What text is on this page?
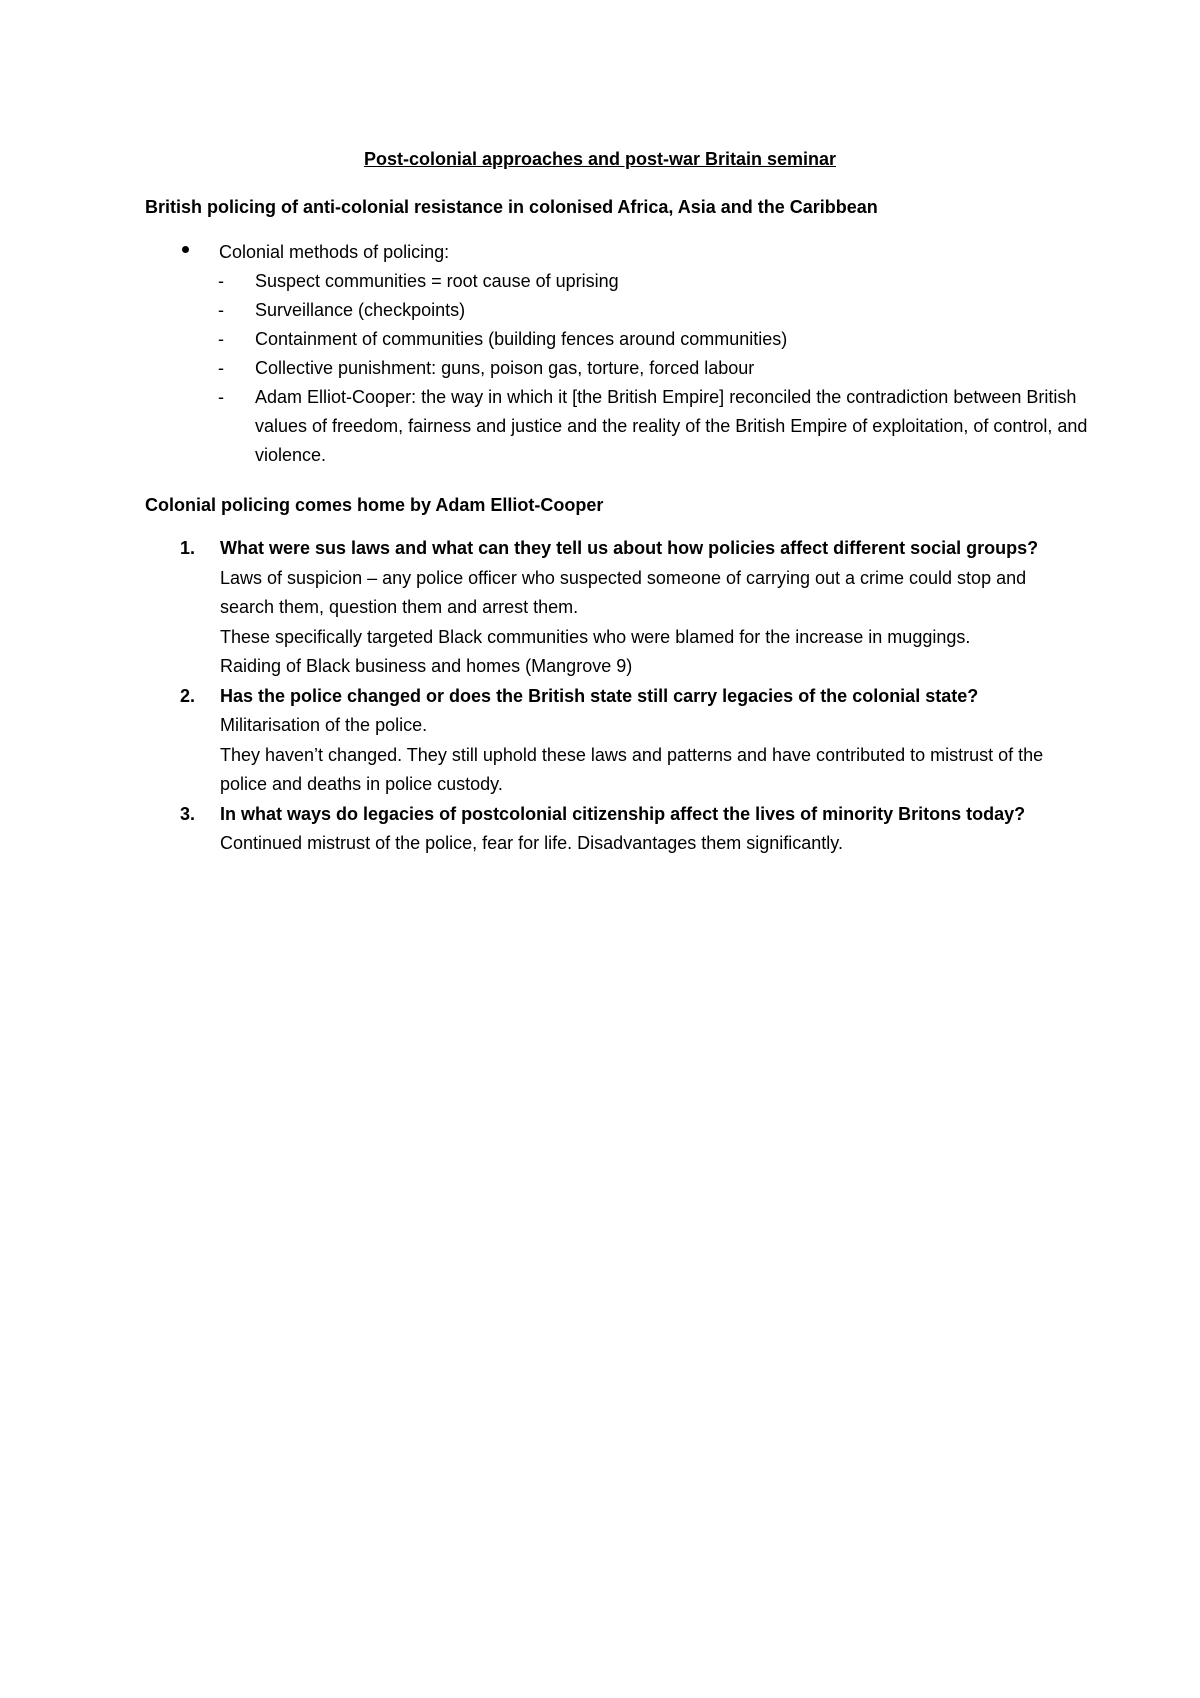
Post-colonial approaches and post-war Britain seminar
British policing of anti-colonial resistance in colonised Africa, Asia and the Caribbean
Colonial methods of policing:
- Suspect communities = root cause of uprising
- Surveillance (checkpoints)
- Containment of communities (building fences around communities)
- Collective punishment: guns, poison gas, torture, forced labour
- Adam Elliot-Cooper: the way in which it [the British Empire] reconciled the contradiction between British values of freedom, fairness and justice and the reality of the British Empire of exploitation, of control, and violence.
Colonial policing comes home by Adam Elliot-Cooper
1. What were sus laws and what can they tell us about how policies affect different social groups?
Laws of suspicion – any police officer who suspected someone of carrying out a crime could stop and search them, question them and arrest them.
These specifically targeted Black communities who were blamed for the increase in muggings.
Raiding of Black business and homes (Mangrove 9)
2. Has the police changed or does the British state still carry legacies of the colonial state?
Militarisation of the police.
They haven’t changed. They still uphold these laws and patterns and have contributed to mistrust of the police and deaths in police custody.
3. In what ways do legacies of postcolonial citizenship affect the lives of minority Britons today?
Continued mistrust of the police, fear for life. Disadvantages them significantly.
